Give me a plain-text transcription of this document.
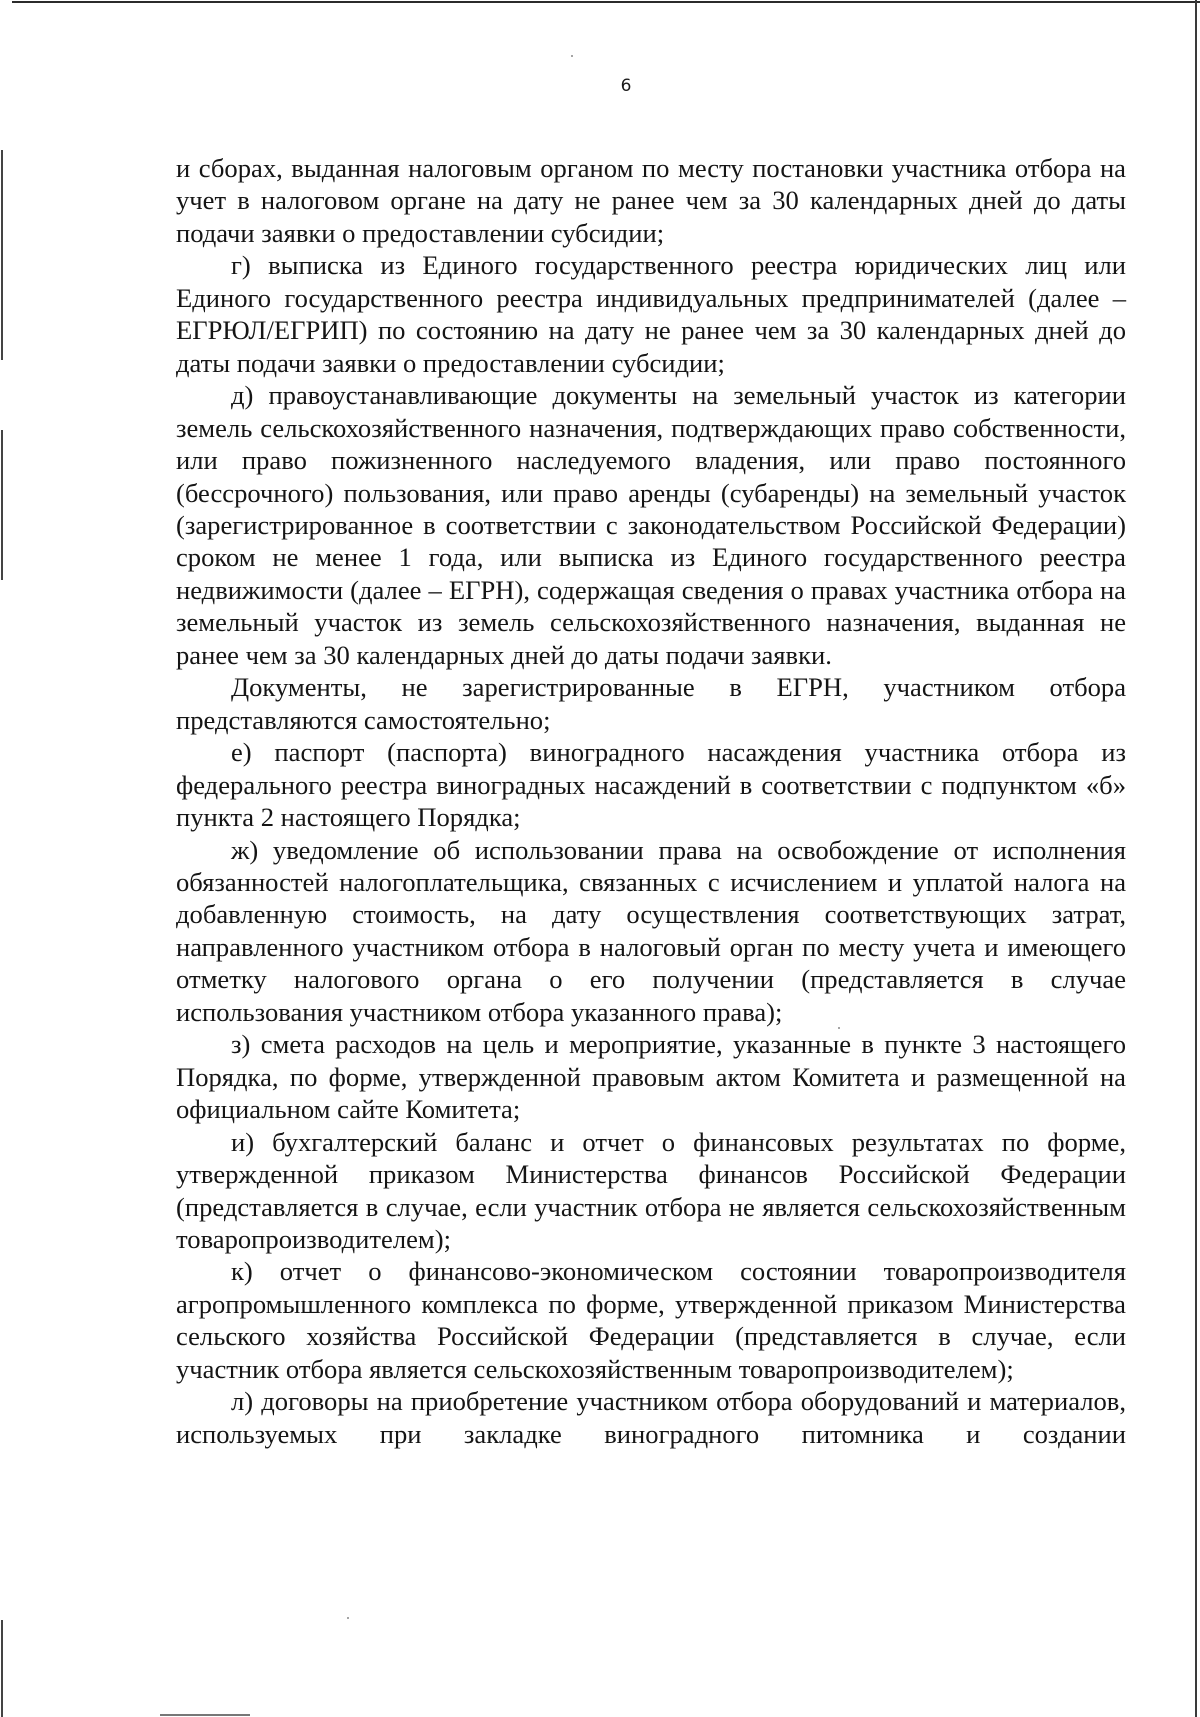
6

и сборах, выданная налоговым органом по месту постановки участника отбора на учет в налоговом органе на дату не ранее чем за 30 календарных дней до даты подачи заявки о предоставлении субсидии;

г) выписка из Единого государственного реестра юридических лиц или Единого государственного реестра индивидуальных предпринимателей (далее – ЕГРЮЛ/ЕГРИП) по состоянию на дату не ранее чем за 30 календарных дней до даты подачи заявки о предоставлении субсидии;

д) правоустанавливающие документы на земельный участок из категории земель сельскохозяйственного назначения, подтверждающих право собственности, или право пожизненного наследуемого владения, или право постоянного (бессрочного) пользования, или право аренды (субаренды) на земельный участок (зарегистрированное в соответствии с законодательством Российской Федерации) сроком не менее 1 года, или выписка из Единого государственного реестра недвижимости (далее – ЕГРН), содержащая сведения о правах участника отбора на земельный участок из земель сельскохозяйственного назначения, выданная не ранее чем за 30 календарных дней до даты подачи заявки.

Документы, не зарегистрированные в ЕГРН, участником отбора представляются самостоятельно;

е) паспорт (паспорта) виноградного насаждения участника отбора из федерального реестра виноградных насаждений в соответствии с подпунктом «б» пункта 2 настоящего Порядка;

ж) уведомление об использовании права на освобождение от исполнения обязанностей налогоплательщика, связанных с исчислением и уплатой налога на добавленную стоимость, на дату осуществления соответствующих затрат, направленного участником отбора в налоговый орган по месту учета и имеющего отметку налогового органа о его получении (представляется в случае использования участником отбора указанного права);

з) смета расходов на цель и мероприятие, указанные в пункте 3 настоящего Порядка, по форме, утвержденной правовым актом Комитета и размещенной на официальном сайте Комитета;

и) бухгалтерский баланс и отчет о финансовых результатах по форме, утвержденной приказом Министерства финансов Российской Федерации (представляется в случае, если участник отбора не является сельскохозяйственным товаропроизводителем);

к) отчет о финансово-экономическом состоянии товаропроизводителя агропромышленного комплекса по форме, утвержденной приказом Министерства сельского хозяйства Российской Федерации (представляется в случае, если участник отбора является сельскохозяйственным товаропроизводителем);

л) договоры на приобретение участником отбора оборудований и материалов, используемых при закладке виноградного питомника и создании
